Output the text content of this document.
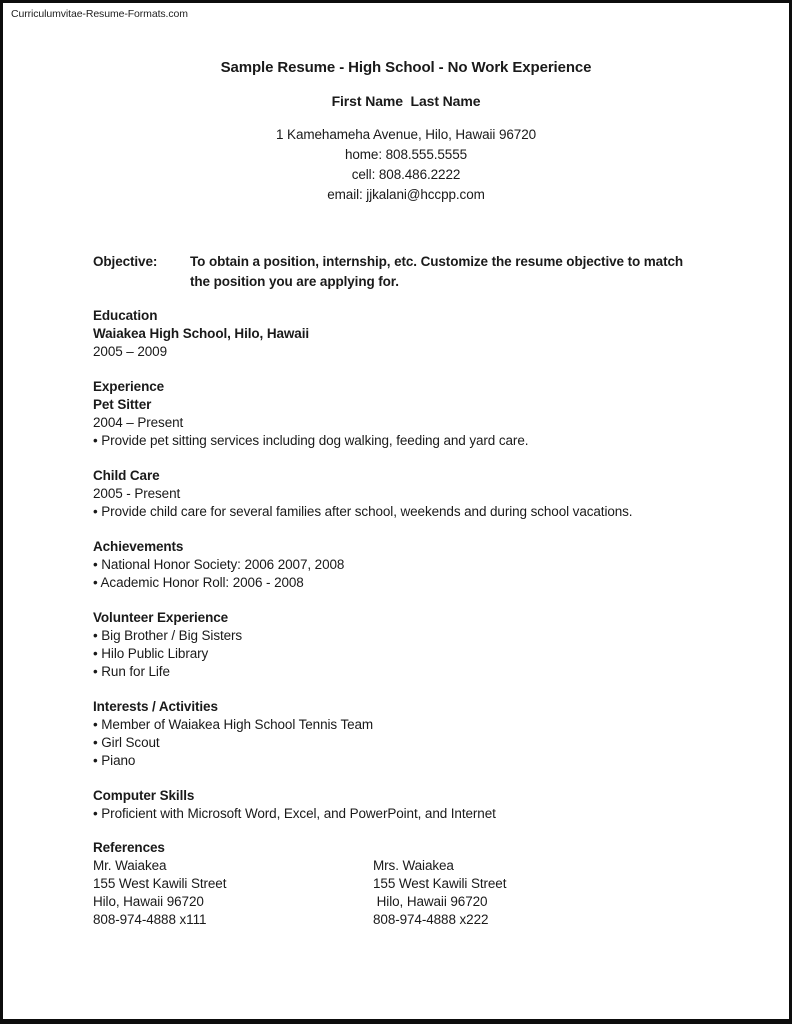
Curriculumvitae-Resume-Formats.com
Sample Resume - High School - No Work Experience
First Name  Last Name
1 Kamehameha Avenue, Hilo, Hawaii 96720
home: 808.555.5555
cell: 808.486.2222
email: jjkalani@hccpp.com
Objective:	To obtain a position, internship, etc. Customize the resume objective to match the position you are applying for.
Education
Waiakea High School, Hilo, Hawaii
2005 – 2009
Experience
Pet Sitter
2004 – Present
• Provide pet sitting services including dog walking, feeding and yard care.
Child Care
2005 - Present
• Provide child care for several families after school, weekends and during school vacations.
Achievements
• National Honor Society: 2006 2007, 2008
• Academic Honor Roll: 2006 - 2008
Volunteer Experience
• Big Brother / Big Sisters
• Hilo Public Library
• Run for Life
Interests / Activities
• Member of Waiakea High School Tennis Team
• Girl Scout
• Piano
Computer Skills
• Proficient with Microsoft Word, Excel, and PowerPoint, and Internet
References
Mr. Waiakea
155 West Kawili Street
Hilo, Hawaii 96720
808-974-4888 x111
Mrs. Waiakea
155 West Kawili Street
Hilo, Hawaii 96720
808-974-4888 x222
